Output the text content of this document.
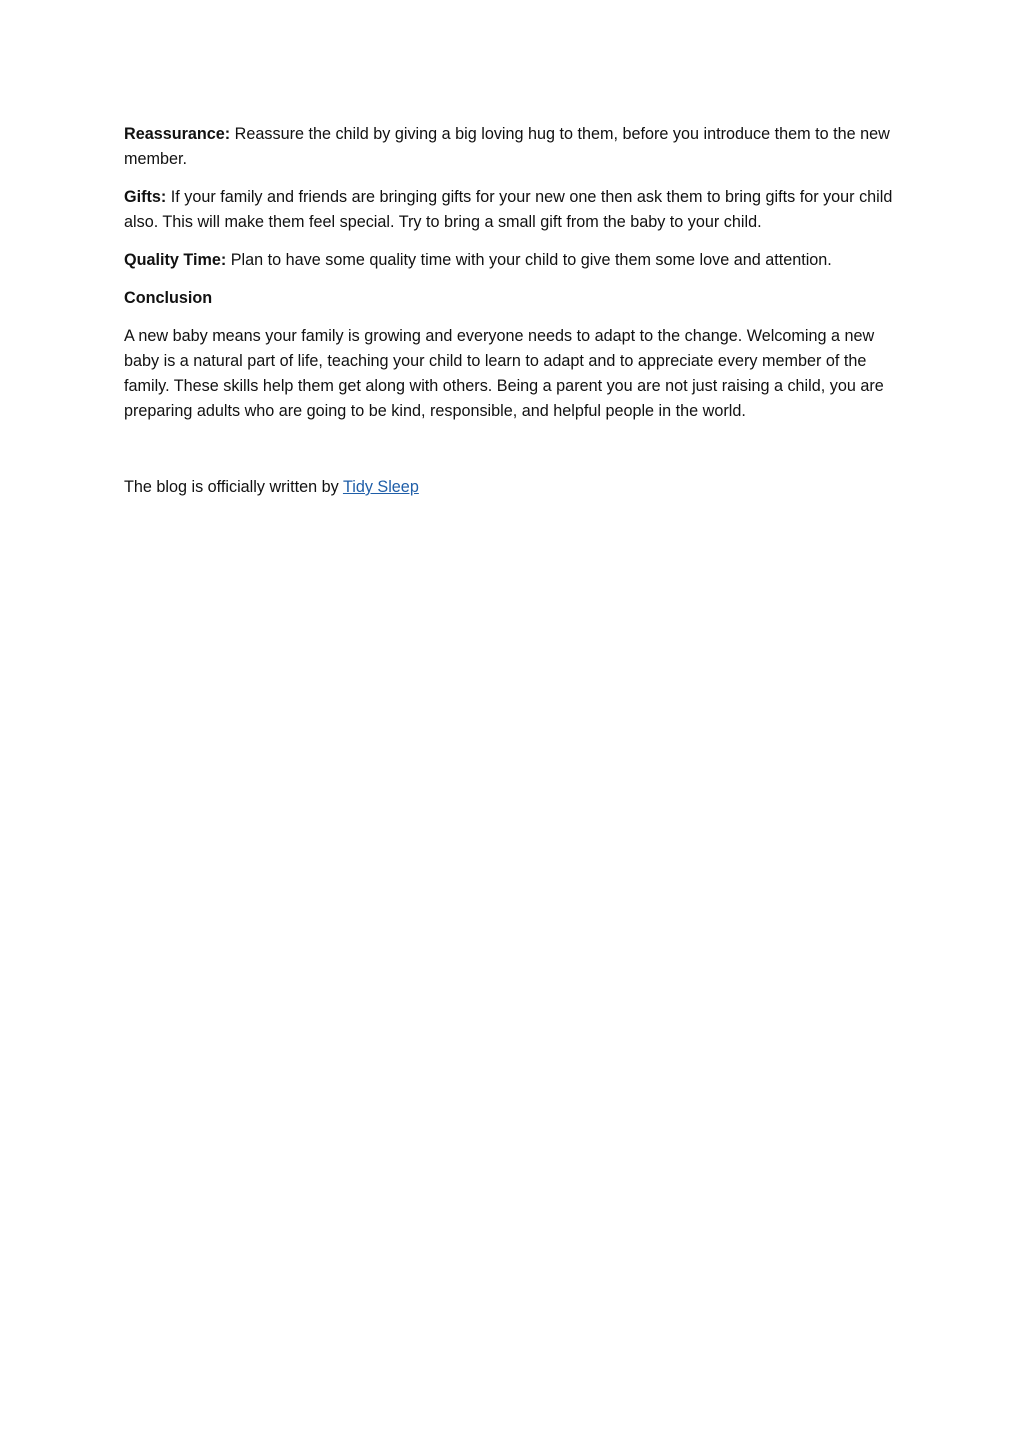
Reassurance: Reassure the child by giving a big loving hug to them, before you introduce them to the new member.

Gifts: If your family and friends are bringing gifts for your new one then ask them to bring gifts for your child also. This will make them feel special. Try to bring a small gift from the baby to your child.

Quality Time: Plan to have some quality time with your child to give them some love and attention.

Conclusion

A new baby means your family is growing and everyone needs to adapt to the change. Welcoming a new baby is a natural part of life, teaching your child to learn to adapt and to appreciate every member of the family. These skills help them get along with others. Being a parent you are not just raising a child, you are preparing adults who are going to be kind, responsible, and helpful people in the world.

The blog is officially written by Tidy Sleep
